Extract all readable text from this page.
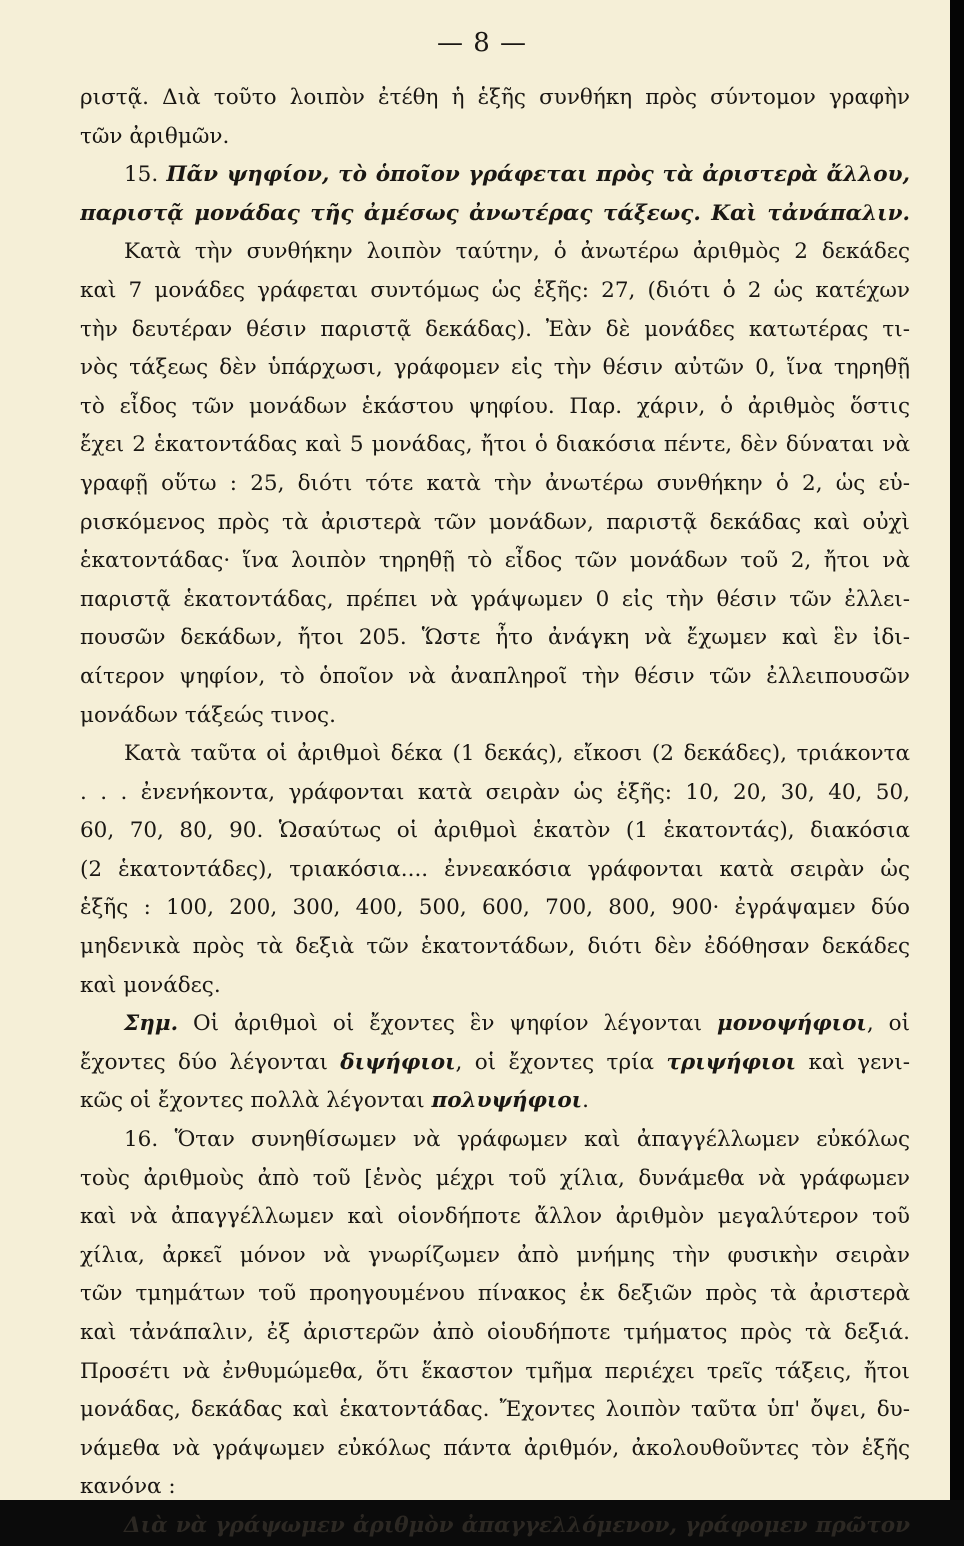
— 8 —
ριστᾷ. Διὰ τοῦτο λοιπὸν ἐτέθη ἡ ἑξῆς συνθήκη πρὸς σύντομον γραφὴν
τῶν ἀριθμῶν.
15. Πᾶν ψηφίον, τὸ ὁποῖον γράφεται πρὸς τὰ ἀριστερὰ ἄλλου,
παριστᾷ μονάδας τῆς ἀμέσως ἀνωτέρας τάξεως. Καὶ τἀνάπαλιν.
Κατὰ τὴν συνθήκην λοιπὸν ταύτην, ὁ ἀνωτέρω ἀριθμὸς 2 δεκάδες
καὶ 7 μονάδες γράφεται συντόμως ὡς ἑξῆς: 27, (διότι ὁ 2 ὡς κατέχων
τὴν δευτέραν θέσιν παριστᾷ δεκάδας). Ἐὰν δὲ μονάδες κατωτέρας τι-
νὸς τάξεως δὲν ὑπάρχωσι, γράφομεν εἰς τὴν θέσιν αὐτῶν 0, ἵνα τηρηθῇ
τὸ εἶδος τῶν μονάδων ἑκάστου ψηφίου. Παρ. χάριν, ὁ ἀριθμὸς ὅστις
ἔχει 2 ἑκατοντάδας καὶ 5 μονάδας, ἤτοι ὁ διακόσια πέντε, δὲν δύναται νὰ
γραφῇ οὕτω : 25, διότι τότε κατὰ τὴν ἀνωτέρω συνθήκην ὁ 2, ὡς εὑ-
ρισκόμενος πρὸς τὰ ἀριστερὰ τῶν μονάδων, παριστᾷ δεκάδας καὶ οὐχὶ
ἑκατοντάδας· ἵνα λοιπὸν τηρηθῇ τὸ εἶδος τῶν μονάδων τοῦ 2, ἤτοι νὰ
παριστᾷ ἑκατοντάδας, πρέπει νὰ γράψωμεν 0 εἰς τὴν θέσιν τῶν ἐλλει-
πουσῶν δεκάδων, ἤτοι 205. Ὥστε ἦτο ἀνάγκη νὰ ἔχωμεν καὶ ἓν ἰδι-
αίτερον ψηφίον, τὸ ὁποῖον νὰ ἀναπληροῖ τὴν θέσιν τῶν ἐλλειπουσῶν
μονάδων τάξεώς τινος.
Κατὰ ταῦτα οἱ ἀριθμοὶ δέκα (1 δεκάς), εἴκοσι (2 δεκάδες), τριάκοντα
. . . ἐνενήκοντα, γράφονται κατὰ σειρὰν ὡς ἑξῆς: 10, 20, 30, 40, 50,
60, 70, 80, 90. Ὡσαύτως οἱ ἀριθμοὶ ἑκατὸν (1 ἑκατοντάς), διακόσια
(2 ἑκατοντάδες), τριακόσια.... ἐννεακόσια γράφονται κατὰ σειρὰν ὡς
ἑξῆς : 100, 200, 300, 400, 500, 600, 700, 800, 900· ἐγράψαμεν δύο
μηδενικὰ πρὸς τὰ δεξιὰ τῶν ἑκατοντάδων, διότι δὲν ἐδόθησαν δεκάδες
καὶ μονάδες.
Σημ. Οἱ ἀριθμοὶ οἱ ἔχοντες ἓν ψηφίον λέγονται μονοψήφιοι, οἱ
ἔχοντες δύο λέγονται διψήφιοι, οἱ ἔχοντες τρία τριψήφιοι καὶ γενι-
κῶς οἱ ἔχοντες πολλὰ λέγονται πολυψήφιοι.
16. Ὅταν συνηθίσωμεν νὰ γράφωμεν καὶ ἀπαγγέλλωμεν εὐκόλως
τοὺς ἀριθμοὺς ἀπὸ τοῦ [ἑνὸς μέχρι τοῦ χίλια, δυνάμεθα νὰ γράφωμεν
καὶ νὰ ἀπαγγέλλωμεν καὶ οἱονδήποτε ἄλλον ἀριθμὸν μεγαλύτερον τοῦ
χίλια, ἀρκεῖ μόνον νὰ γνωρίζωμεν ἀπὸ μνήμης τὴν φυσικὴν σειρὰν
τῶν τμημάτων τοῦ προηγουμένου πίνακος ἐκ δεξιῶν πρὸς τὰ ἀριστερὰ
καὶ τἀνάπαλιν, ἐξ ἀριστερῶν ἀπὸ οἱουδήποτε τμήματος πρὸς τὰ δεξιά.
Προσέτι νὰ ἐνθυμώμεθα, ὅτι ἕκαστον τμῆμα περιέχει τρεῖς τάξεις, ἤτοι
μονάδας, δεκάδας καὶ ἑκατοντάδας. Ἔχοντες λοιπὸν ταῦτα ὑπ' ὄψει, δυ-
νάμεθα νὰ γράψωμεν εὐκόλως πάντα ἀριθμόν, ἀκολουθοῦντες τὸν ἑξῆς
κανόνα :
Διὰ νὰ γράψωμεν ἀριθμὸν ἀπαγγελλόμενον, γράφομεν πρῶτον
